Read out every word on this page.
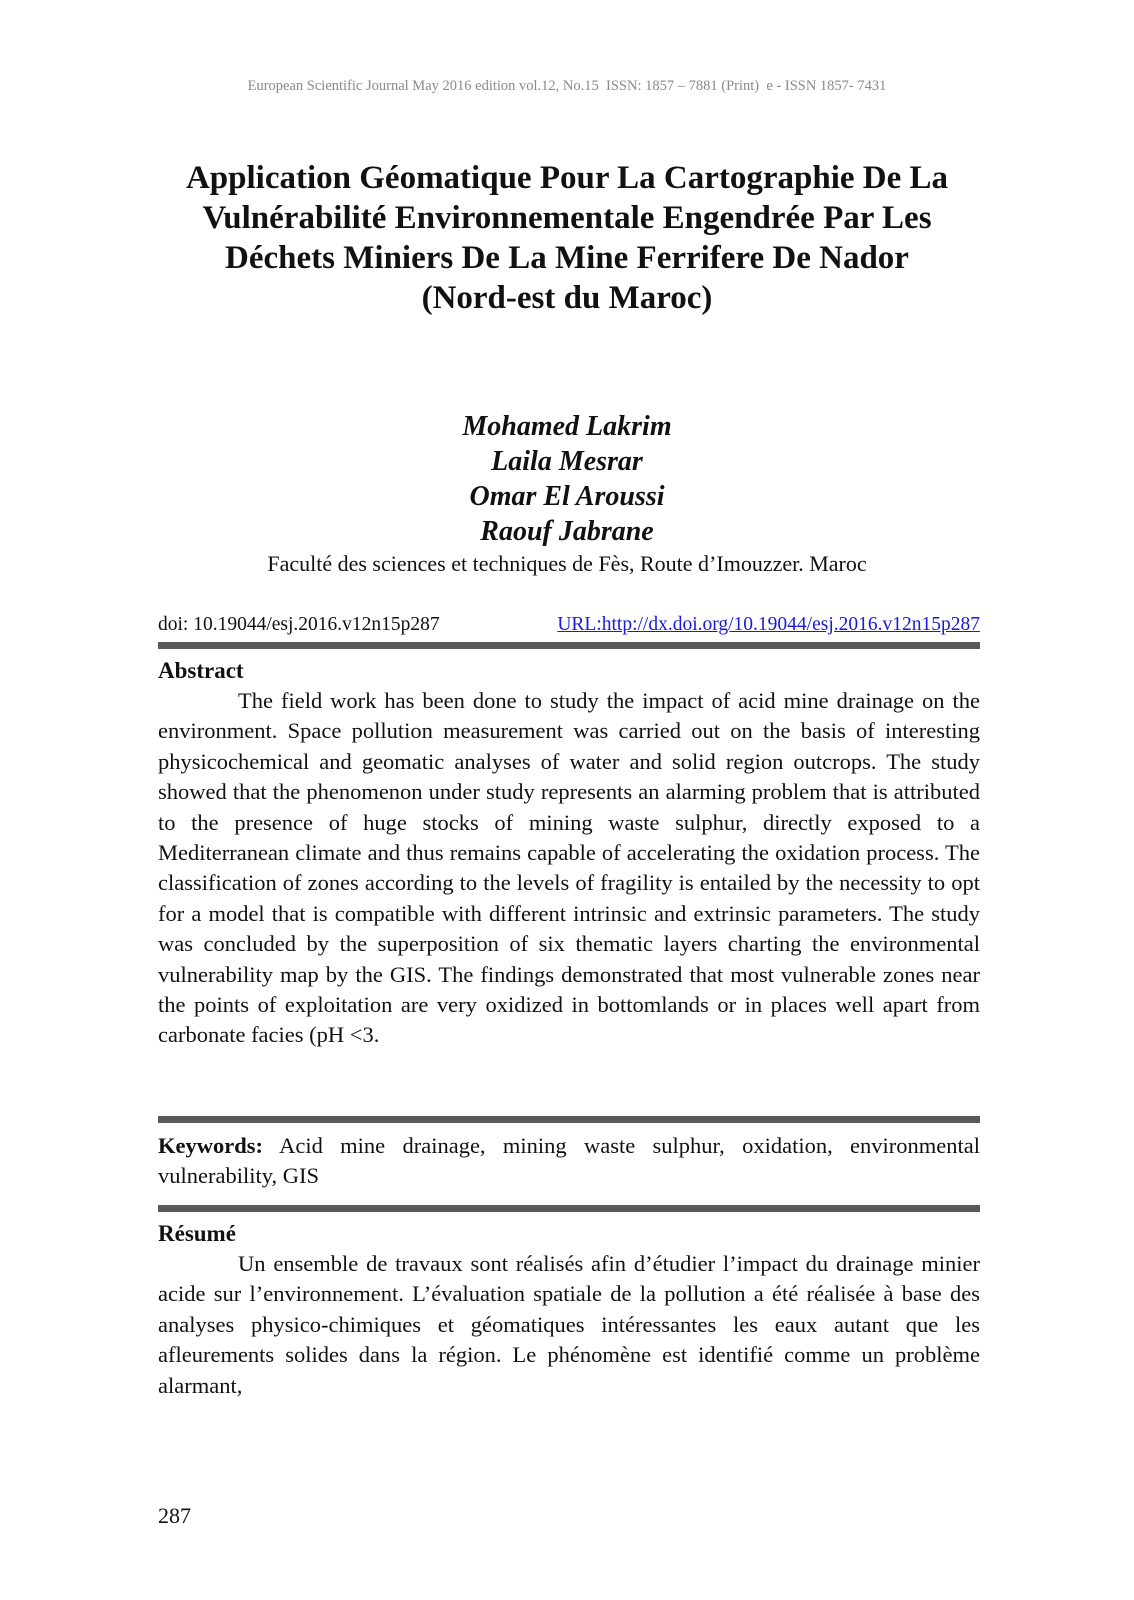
European Scientific Journal May 2016 edition vol.12, No.15  ISSN: 1857 – 7881 (Print)  e - ISSN 1857- 7431
Application Géomatique Pour La Cartographie De La
Vulnérabilité Environnementale Engendrée Par Les
Déchets Miniers De La Mine Ferrifere De Nador
(Nord-est du Maroc)
Mohamed Lakrim
Laila Mesrar
Omar El Aroussi
Raouf Jabrane
Faculté des sciences et techniques de Fès, Route d’Imouzzer. Maroc
doi: 10.19044/esj.2016.v12n15p287	URL:http://dx.doi.org/10.19044/esj.2016.v12n15p287
Abstract

The field work has been done to study the impact of acid mine drainage on the environment. Space pollution measurement was carried out on the basis of interesting physicochemical and geomatic analyses of water and solid region outcrops. The study showed that the phenomenon under study represents an alarming problem that is attributed to the presence of huge stocks of mining waste sulphur, directly exposed to a Mediterranean climate and thus remains capable of accelerating the oxidation process. The classification of zones according to the levels of fragility is entailed by the necessity to opt for a model that is compatible with different intrinsic and extrinsic parameters. The study was concluded by the superposition of six thematic layers charting the environmental vulnerability map by the GIS. The findings demonstrated that most vulnerable zones near the points of exploitation are very oxidized in bottomlands or in places well apart from carbonate facies (pH <3.

Keywords: Acid mine drainage, mining waste sulphur, oxidation, environmental vulnerability, GIS

Résumé

Un ensemble de travaux sont réalisés afin d’étudier l’impact du drainage minier acide sur l’environnement. L’évaluation spatiale de la pollution a été réalisée à base des analyses physico-chimiques et géomatiques intéressantes les eaux autant que les afleurements solides dans la région. Le phénomène est identifié comme un problème alarmant,

287
